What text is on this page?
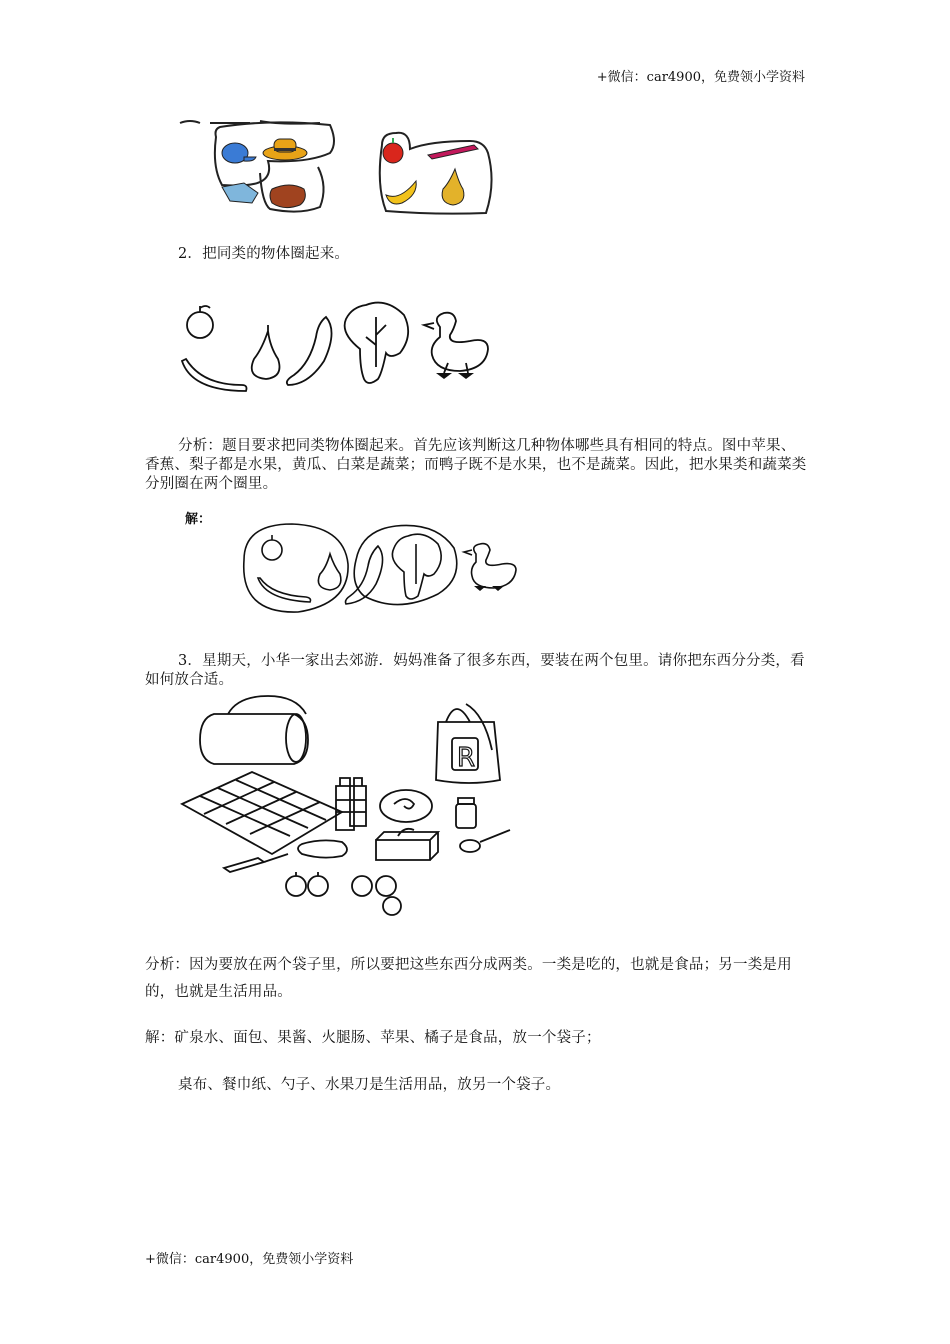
+微信：car4900，免费领小学资料
2．把同类的物体圈起来。
分析：题目要求把同类物体圈起来。首先应该判断这几种物体哪些具有相同的特点。图中苹果、香蕉、梨子都是水果，黄瓜、白菜是蔬菜；而鸭子既不是水果，也不是蔬菜。因此，把水果类和蔬菜类分别圈在两个圈里。
解：
3．星期天，小华一家出去郊游．妈妈准备了很多东西，要装在两个包里。请你把东西分分类，看如何放合适。
R
分析：因为要放在两个袋子里，所以要把这些东西分成两类。一类是吃的，也就是食品；另一类是用的，也就是生活用品。
解：矿泉水、面包、果酱、火腿肠、苹果、橘子是食品，放一个袋子；
桌布、餐巾纸、勺子、水果刀是生活用品，放另一个袋子。
+微信：car4900，免费领小学资料
